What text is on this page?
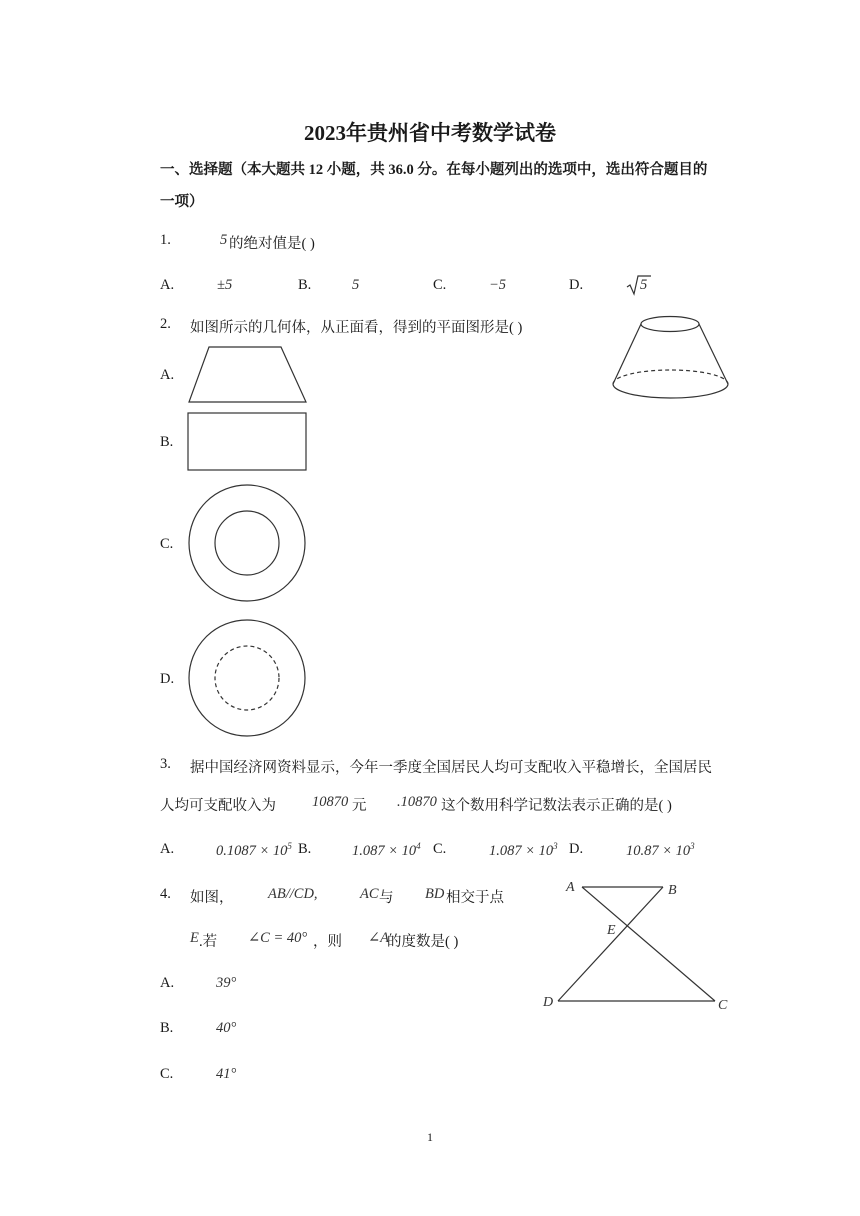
2023年贵州省中考数学试卷
一、选择题（本大题共 12 小题，共 36.0 分。在每小题列出的选项中，选出符合题目的
一项）
1.	5 的绝对值是( )
A.	±5	B.	5	C.	−5	D.	5
2. 如图所示的几何体，从正面看，得到的平面图形是( )
A.
B.
C.
D.
3. 据中国经济网资料显示，今年一季度全国居民人均可支配收入平稳增长，全国居民
人均可支配收入为 10870 元 .10870 这个数用科学记数法表示正确的是( )
A.	$0.1087 \times 10^5$ B.	$1.087 \times 10^4$ C.	$1.087 \times 10^3$ D.	$10.87 \times 10^3$
4. 如图， AB//CD,	AC 与 BD 相交于点
E .若 ∠C = 40° ，则 ∠A
的度数是( )
A	B
E
D	C
A.	39°
B.	40°
C.	41°
1
